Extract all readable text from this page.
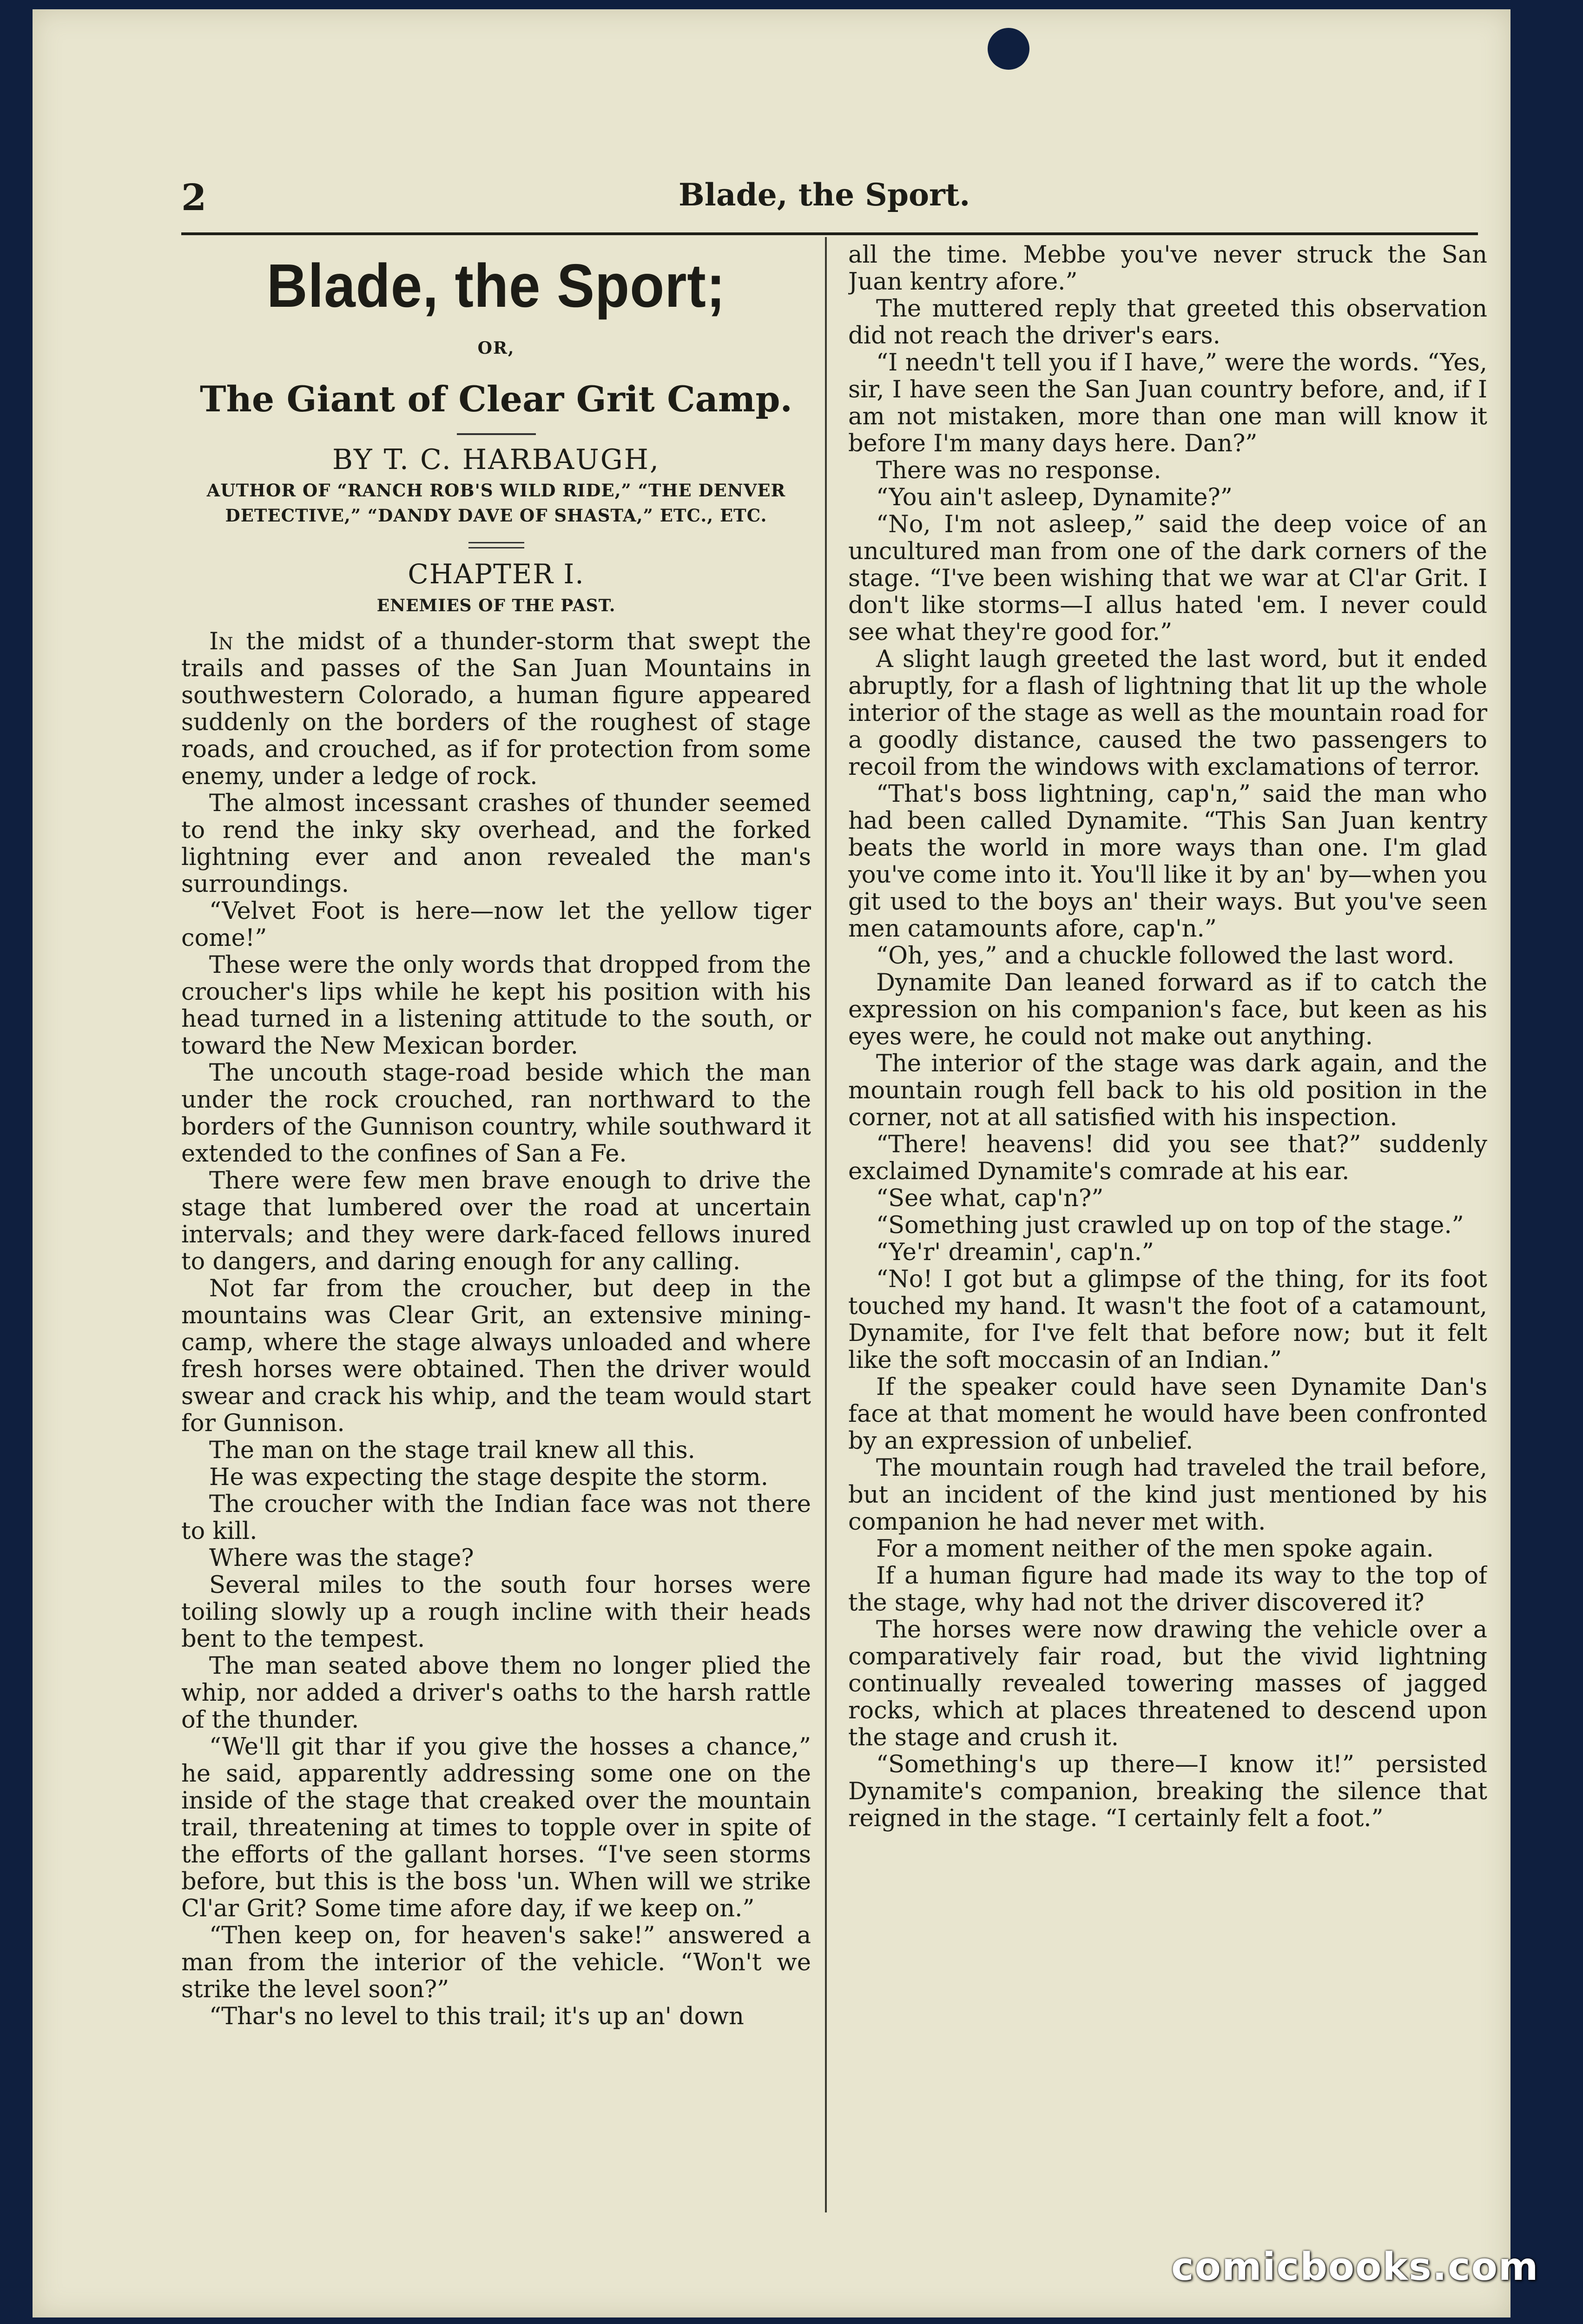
2	Blade, the Sport.
Blade, the Sport;
OR,
The Giant of Clear Grit Camp.
BY T. C. HARBAUGH,
AUTHOR OF “RANCH ROB'S WILD RIDE,” “THE DENVER DETECTIVE,” “DANDY DAVE OF SHASTA,” ETC., ETC.
CHAPTER I.
ENEMIES OF THE PAST.

In the midst of a thunder-storm that swept the trails and passes of the San Juan Mountains in southwestern Colorado, a human figure appeared suddenly on the borders of the roughest of stage roads, and crouched, as if for protection from some enemy, under a ledge of rock.

The almost incessant crashes of thunder seemed to rend the inky sky overhead, and the forked lightning ever and anon revealed the man's surroundings.

“Velvet Foot is here—now let the yellow tiger come!”

These were the only words that dropped from the croucher's lips while he kept his position with his head turned in a listening attitude to the south, or toward the New Mexican border.

The uncouth stage-road beside which the man under the rock crouched, ran northward to the borders of the Gunnison country, while southward it extended to the confines of San a Fe.

There were few men brave enough to drive the stage that lumbered over the road at uncertain intervals; and they were dark-faced fellows inured to dangers, and daring enough for any calling.

Not far from the croucher, but deep in the mountains was Clear Grit, an extensive mining-camp, where the stage always unloaded and where fresh horses were obtained. Then the driver would swear and crack his whip, and the team would start for Gunnison.

The man on the stage trail knew all this.

He was expecting the stage despite the storm.

The croucher with the Indian face was not there to kill.

Where was the stage?

Several miles to the south four horses were toiling slowly up a rough incline with their heads bent to the tempest.

The man seated above them no longer plied the whip, nor added a driver's oaths to the harsh rattle of the thunder.

“We'll git thar if you give the hosses a chance,” he said, apparently addressing some one on the inside of the stage that creaked over the mountain trail, threatening at times to topple over in spite of the efforts of the gallant horses. “I've seen storms before, but this is the boss 'un. When will we strike Cl'ar Grit? Some time afore day, if we keep on.”

“Then keep on, for heaven's sake!” answered a man from the interior of the vehicle. “Won't we strike the level soon?”

“Thar's no level to this trail; it's up an' down

all the time. Mebbe you've never struck the San Juan kentry afore.”

The muttered reply that greeted this observation did not reach the driver's ears.

“I needn't tell you if I have,” were the words. “Yes, sir, I have seen the San Juan country before, and, if I am not mistaken, more than one man will know it before I'm many days here. Dan?”

There was no response.

“You ain't asleep, Dynamite?”

“No, I'm not asleep,” said the deep voice of an uncultured man from one of the dark corners of the stage. “I've been wishing that we war at Cl'ar Grit. I don't like storms—I allus hated 'em. I never could see what they're good for.”

A slight laugh greeted the last word, but it ended abruptly, for a flash of lightning that lit up the whole interior of the stage as well as the mountain road for a goodly distance, caused the two passengers to recoil from the windows with exclamations of terror.

“That's boss lightning, cap'n,” said the man who had been called Dynamite. “This San Juan kentry beats the world in more ways than one. I'm glad you've come into it. You'll like it by an' by—when you git used to the boys an' their ways. But you've seen men catamounts afore, cap'n.”

“Oh, yes,” and a chuckle followed the last word.

Dynamite Dan leaned forward as if to catch the expression on his companion's face, but keen as his eyes were, he could not make out anything.

The interior of the stage was dark again, and the mountain rough fell back to his old position in the corner, not at all satisfied with his inspection.

“There! heavens! did you see that?” suddenly exclaimed Dynamite's comrade at his ear.

“See what, cap'n?”

“Something just crawled up on top of the stage.”

“Ye'r' dreamin', cap'n.”

“No! I got but a glimpse of the thing, for its foot touched my hand. It wasn't the foot of a catamount, Dynamite, for I've felt that before now; but it felt like the soft moccasin of an Indian.”

If the speaker could have seen Dynamite Dan's face at that moment he would have been confronted by an expression of unbelief.

The mountain rough had traveled the trail before, but an incident of the kind just mentioned by his companion he had never met with.

For a moment neither of the men spoke again.

If a human figure had made its way to the top of the stage, why had not the driver discovered it?

The horses were now drawing the vehicle over a comparatively fair road, but the vivid lightning continually revealed towering masses of jagged rocks, which at places threatened to descend upon the stage and crush it.

“Something's up there—I know it!” persisted Dynamite's companion, breaking the silence that reigned in the stage. “I certainly felt a foot.”

comicbooks.com
